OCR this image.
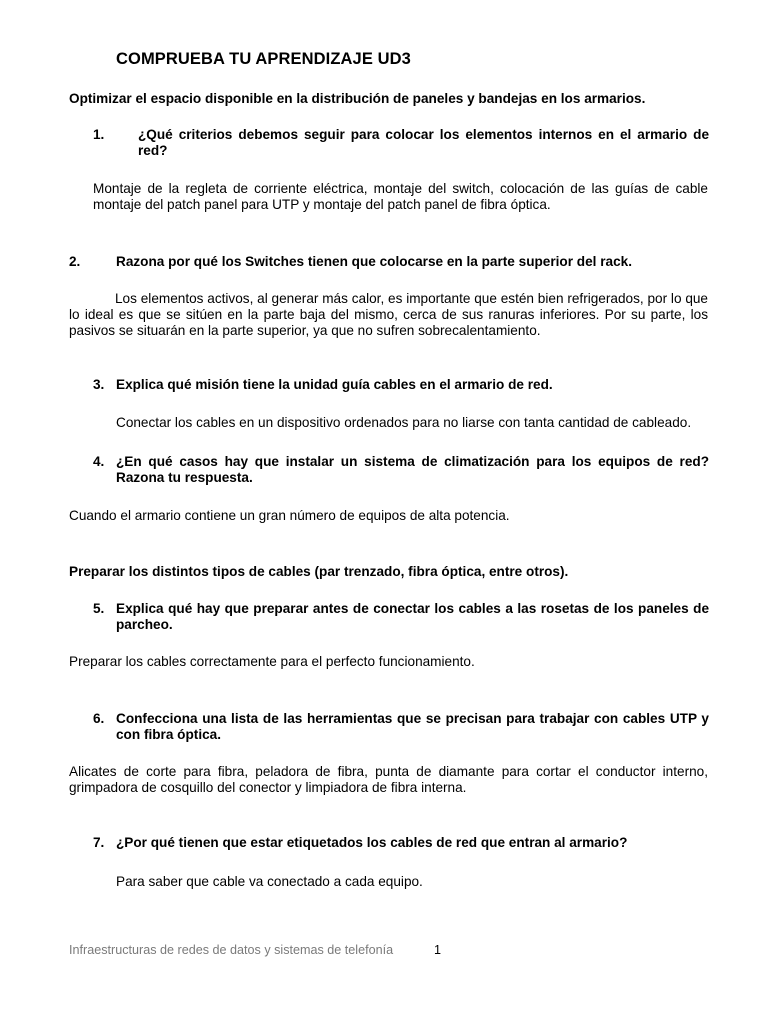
COMPRUEBA TU APRENDIZAJE UD3

Optimizar el espacio disponible en la distribución de paneles y bandejas en los armarios.

1. ¿Qué criterios debemos seguir para colocar los elementos internos en el armario de red?

Montaje de la regleta de corriente eléctrica, montaje del switch, colocación de las guías de cable montaje del patch panel para UTP y montaje del patch panel de fibra óptica.

2.	Razona por qué los Switches tienen que colocarse en la parte superior del rack.

Los elementos activos, al generar más calor, es importante que estén bien refrigerados, por lo que lo ideal es que se sitúen en la parte baja del mismo, cerca de sus ranuras inferiores. Por su parte, los pasivos se situarán en la parte superior, ya que no sufren sobrecalentamiento.

3. Explica qué misión tiene la unidad guía cables en el armario de red.

Conectar los cables en un dispositivo ordenados para no liarse con tanta cantidad de cableado.

4. ¿En qué casos hay que instalar un sistema de climatización para los equipos de red? Razona tu respuesta.

Cuando el armario contiene un gran número de equipos de alta potencia.

Preparar los distintos tipos de cables (par trenzado, fibra óptica, entre otros).

5. Explica qué hay que preparar antes de conectar los cables a las rosetas de los paneles de parcheo.

Preparar los cables correctamente para el perfecto funcionamiento.

6. Confecciona una lista de las herramientas que se precisan para trabajar con cables UTP y con fibra óptica.

Alicates de corte para fibra, peladora de fibra, punta de diamante para cortar el conductor interno, grimpadora de cosquillo del conector y limpiadora de fibra interna.

7. ¿Por qué tienen que estar etiquetados los cables de red que entran al armario?

Para saber que cable va conectado a cada equipo.

Infraestructuras de redes de datos y sistemas de telefonía	1
